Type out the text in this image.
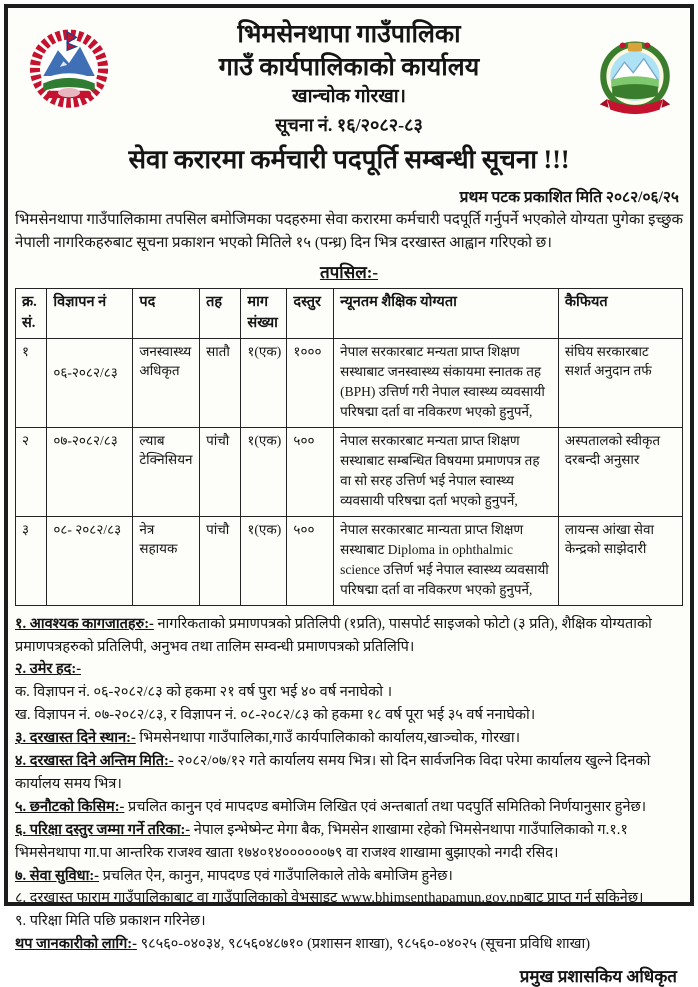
भिमसेनथापा गाउँपालिका
गाउँ कार्यपालिकाको कार्यालय
खान्चोक गोरखा।
सूचना नं. १६/२०८२-८३
सेवा करारमा कर्मचारी पदपूर्ति सम्बन्धी सूचना !!!
प्रथम पटक प्रकाशित मिति २०८२/०६/२५

भिमसेनथापा गाउँपालिकामा तपसिल बमोजिमका पदहरुमा सेवा करारमा कर्मचारी पदपूर्ति गर्नुपर्ने भएकोले योग्यता पुगेका इच्छुक नेपाली नागरिकहरुबाट सूचना प्रकाशन भएको मितिले १५ (पन्ध्र) दिन भित्र दरखास्त आह्वान गरिएको छ।

तपसिल:-
क्र. सं.	विज्ञापन नं	पद	तह	माग संख्या	दस्तुर	न्यूनतम शैक्षिक योग्यता	कैफियत
१	०६-२०८२/८३	जनस्वास्थ्य अधिकृत	सातौ	१(एक)	१०००	नेपाल सरकारबाट मन्यता प्राप्त शिक्षण सस्थाबाट जनस्वास्थ्य संकायमा स्नातक तह (BPH) उत्तिर्ण गरी नेपाल स्वास्थ्य व्यवसायी परिषद्मा दर्ता वा नविकरण भएको हुनुपर्ने,	संघिय सरकारबाट सशर्त अनुदान तर्फ
२	०७-२०८२/८३	ल्याब टेक्निसियन	पांचौ	१(एक)	५००	नेपाल सरकारबाट मन्यता प्राप्त शिक्षण सस्थाबाट सम्बन्धित विषयमा प्रमाणपत्र तह वा सो सरह उत्तिर्ण भई नेपाल स्वास्थ्य व्यवसायी परिषद्मा दर्ता भएको हुनुपर्ने,	अस्पतालको स्वीकृत दरबन्दी अनुसार
३	०८- २०८२/८३	नेत्र सहायक	पांचौ	१(एक)	५००	नेपाल सरकारबाट मान्यता प्राप्त शिक्षण सस्थाबाट Diploma in ophthalmic science उत्तिर्ण भई नेपाल स्वास्थ्य व्यवसायी परिषद्मा दर्ता वा नविकरण भएको हुनुपर्ने,	लायन्स आंखा सेवा केन्द्रको साझेदारी
१. आवश्यक कागजातहरु:- नागरिकताको प्रमाणपत्रको प्रतिलिपी (१प्रति), पासपोर्ट साइजको फोटो (३ प्रति), शैक्षिक योग्यताको प्रमाणपत्रहरुको प्रतिलिपी, अनुभव तथा तालिम सम्वन्धी प्रमाणपत्रको प्रतिलिपि।
२. उमेर हद:-
क. विज्ञापन नं. ०६-२०८२/८३ को हकमा २१ वर्ष पुरा भई ४० वर्ष ननाघेको ।
ख. विज्ञापन नं. ०७-२०८२/८३, र विज्ञापन नं. ०८-२०८२/८३ को हकमा १८ वर्ष पूरा भई ३५ वर्ष ननाघेको।
३. दरखास्त दिने स्थान:- भिमसेनथापा गाउँपालिका,गाउँ कार्यपालिकाको कार्यालय,खाञ्चोक, गोरखा।
४. दरखास्त दिने अन्तिम मिति:- २०८२/०७/१२ गते कार्यालय समय भित्र। सो दिन सार्वजनिक विदा परेमा कार्यालय खुल्ने दिनको कार्यालय समय भित्र।
५. छनौटको किसिम:- प्रचलित कानुन एवं मापदण्ड बमोजिम लिखित एवं अन्तबार्ता तथा पदपुर्ति समितिको निर्णयानुसार हुनेछ।
६. परिक्षा दस्तुर जम्मा गर्ने तरिका:- नेपाल इन्भेष्मेन्ट मेगा बैक, भिमसेन शाखामा रहेको भिमसेनथापा गाउँपालिकाको ग.१.१ भिमसेनथापा गा.पा आन्तरिक राजश्व खाता १७४०१४००००००७९ वा राजश्व शाखामा बुझाएको नगदी रसिद।
७. सेवा सुविधा:- प्रचलित ऐन, कानुन, मापदण्ड एवं गाउँपालिकाले तोके बमोजिम हुनेछ।
८. दरखास्त फाराम गाउँपालिकाबाट वा गाउँपालिकाको वेभसाइट www.bhimsenthapamun.gov.npबाट प्राप्त गर्न सकिनेछ।
९. परिक्षा मिति पछि प्रकाशन गरिनेछ।
थप जानकारीको लागि:- ९८५६०-०४०३४, ९८५६०४८७१० (प्रशासन शाखा), ९८५६०-०४०२५ (सूचना प्रविधि शाखा)
प्रमुख प्रशासकिय अधिकृत
